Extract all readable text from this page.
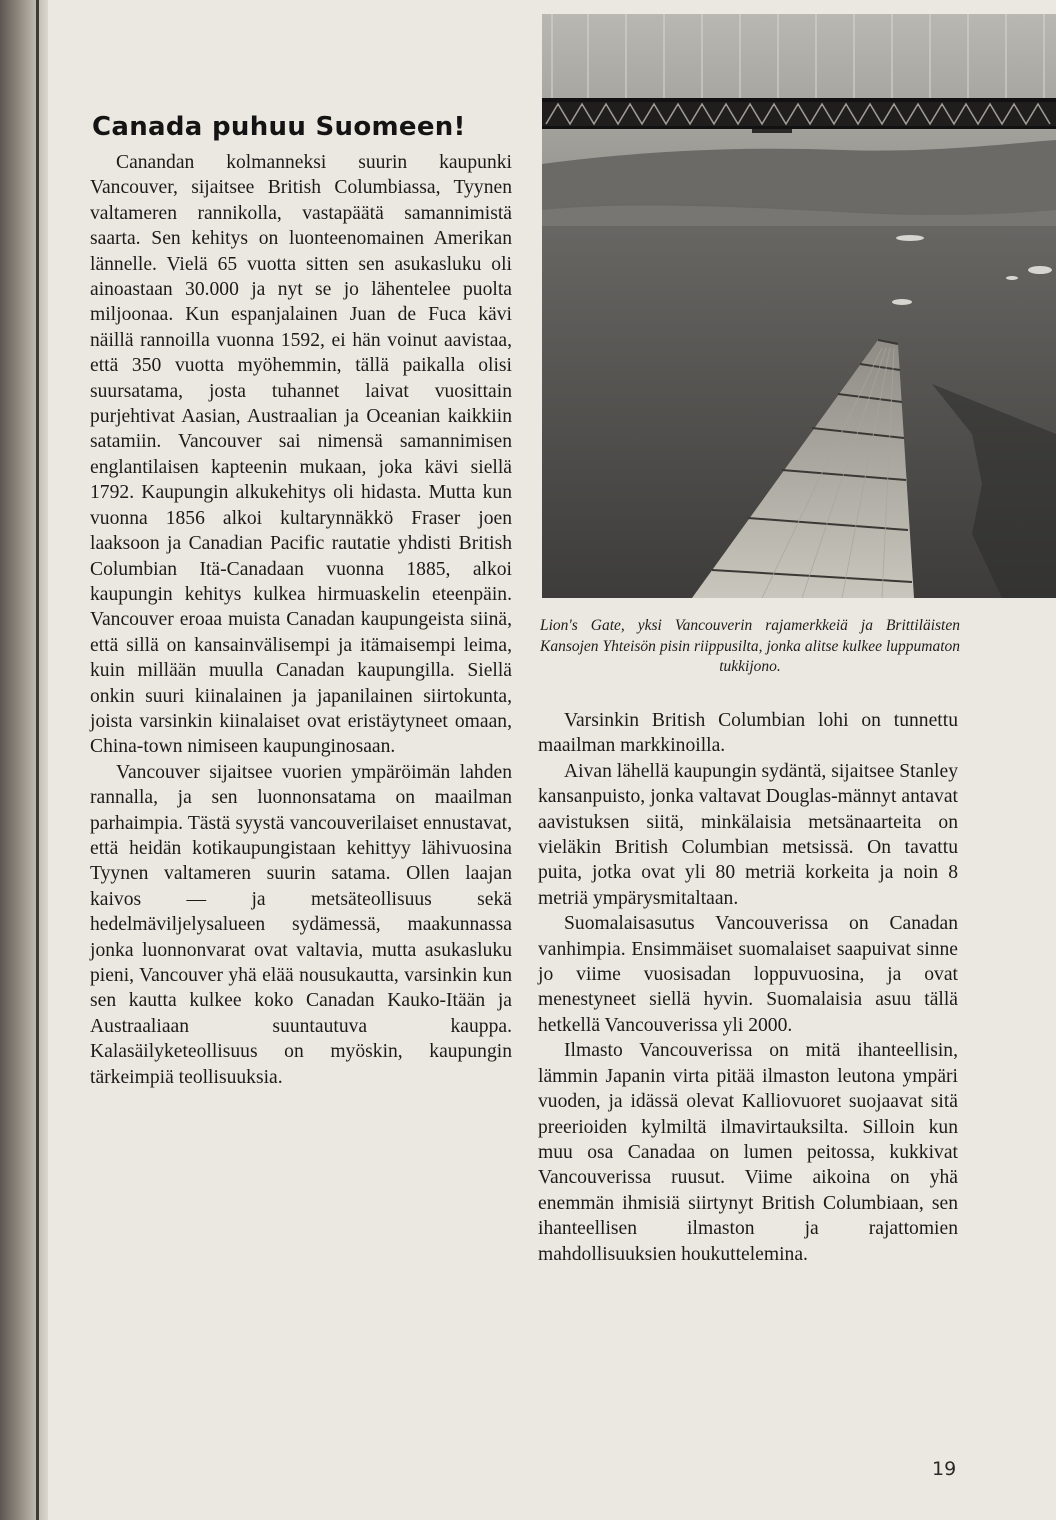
Canada puhuu Suomeen!

Canandan kolmanneksi suurin kaupunki Vancouver, sijaitsee British Columbiassa, Tyynen valtameren rannikolla, vastapäätä samannimistä saarta. Sen kehitys on luonteenomainen Amerikan lännelle. Vielä 65 vuotta sitten sen asukasluku oli ainoastaan 30.000 ja nyt se jo lähentelee puolta miljoonaa. Kun espanjalainen Juan de Fuca kävi näillä rannoilla vuonna 1592, ei hän voinut aavistaa, että 350 vuotta myöhemmin, tällä paikalla olisi suursatama, josta tuhannet laivat vuosittain purjehtivat Aasian, Austraalian ja Oceanian kaikkiin satamiin. Vancouver sai nimensä samannimisen englantilaisen kapteenin mukaan, joka kävi siellä 1792. Kaupungin alkukehitys oli hidasta. Mutta kun vuonna 1856 alkoi kultarynnäkkö Fraser joen laaksoon ja Canadian Pacific rautatie yhdisti British Columbian Itä-Canadaan vuonna 1885, alkoi kaupungin kehitys kulkea hirmuaskelin eteenpäin. Vancouver eroaa muista Canadan kaupungeista siinä, että sillä on kansainvälisempi ja itämaisempi leima, kuin millään muulla Canadan kaupungilla. Siellä onkin suuri kiinalainen ja japanilainen siirtokunta, joista varsinkin kiinalaiset ovat eristäytyneet omaan, China-town nimiseen kaupunginosaan.

Vancouver sijaitsee vuorien ympäröimän lahden rannalla, ja sen luonnonsatama on maailman parhaimpia. Tästä syystä vancouverilaiset ennustavat, että heidän kotikaupungistaan kehittyy lähivuosina Tyynen valtameren suurin satama. Ollen laajan kaivos — ja metsäteollisuus sekä hedelmäviljelysalueen sydämessä, maakunnassa jonka luonnonvarat ovat valtavia, mutta asukasluku pieni, Vancouver yhä elää nousukautta, varsinkin kun sen kautta kulkee koko Canadan Kauko-Itään ja Austraaliaan suuntautuva kauppa. Kalasäilyketeollisuus on myöskin, kaupungin tärkeimpiä teollisuuksia.

Lion's Gate, yksi Vancouverin rajamerkkeiä ja Brittiläisten Kansojen Yhteisön pisin riippusilta, jonka alitse kulkee luppumaton tukkijono.

Varsinkin British Columbian lohi on tunnettu maailman markkinoilla.

Aivan lähellä kaupungin sydäntä, sijaitsee Stanley kansanpuisto, jonka valtavat Douglas-männyt antavat aavistuksen siitä, minkälaisia metsänaarteita on vieläkin British Columbian metsissä. On tavattu puita, jotka ovat yli 80 metriä korkeita ja noin 8 metriä ympärysmitaltaan.

Suomalaisasutus Vancouverissa on Canadan vanhimpia. Ensimmäiset suomalaiset saapuivat sinne jo viime vuosisadan loppuvuosina, ja ovat menestyneet siellä hyvin. Suomalaisia asuu tällä hetkellä Vancouverissa yli 2000.

Ilmasto Vancouverissa on mitä ihanteellisin, lämmin Japanin virta pitää ilmaston leutona ympäri vuoden, ja idässä olevat Kalliovuoret suojaavat sitä preerioiden kylmiltä ilmavirtauksilta. Silloin kun muu osa Canadaa on lumen peitossa, kukkivat Vancouverissa ruusut. Viime aikoina on yhä enemmän ihmisiä siirtynyt British Columbiaan, sen ihanteellisen ilmaston ja rajattomien mahdollisuuksien houkuttelemina.

19
